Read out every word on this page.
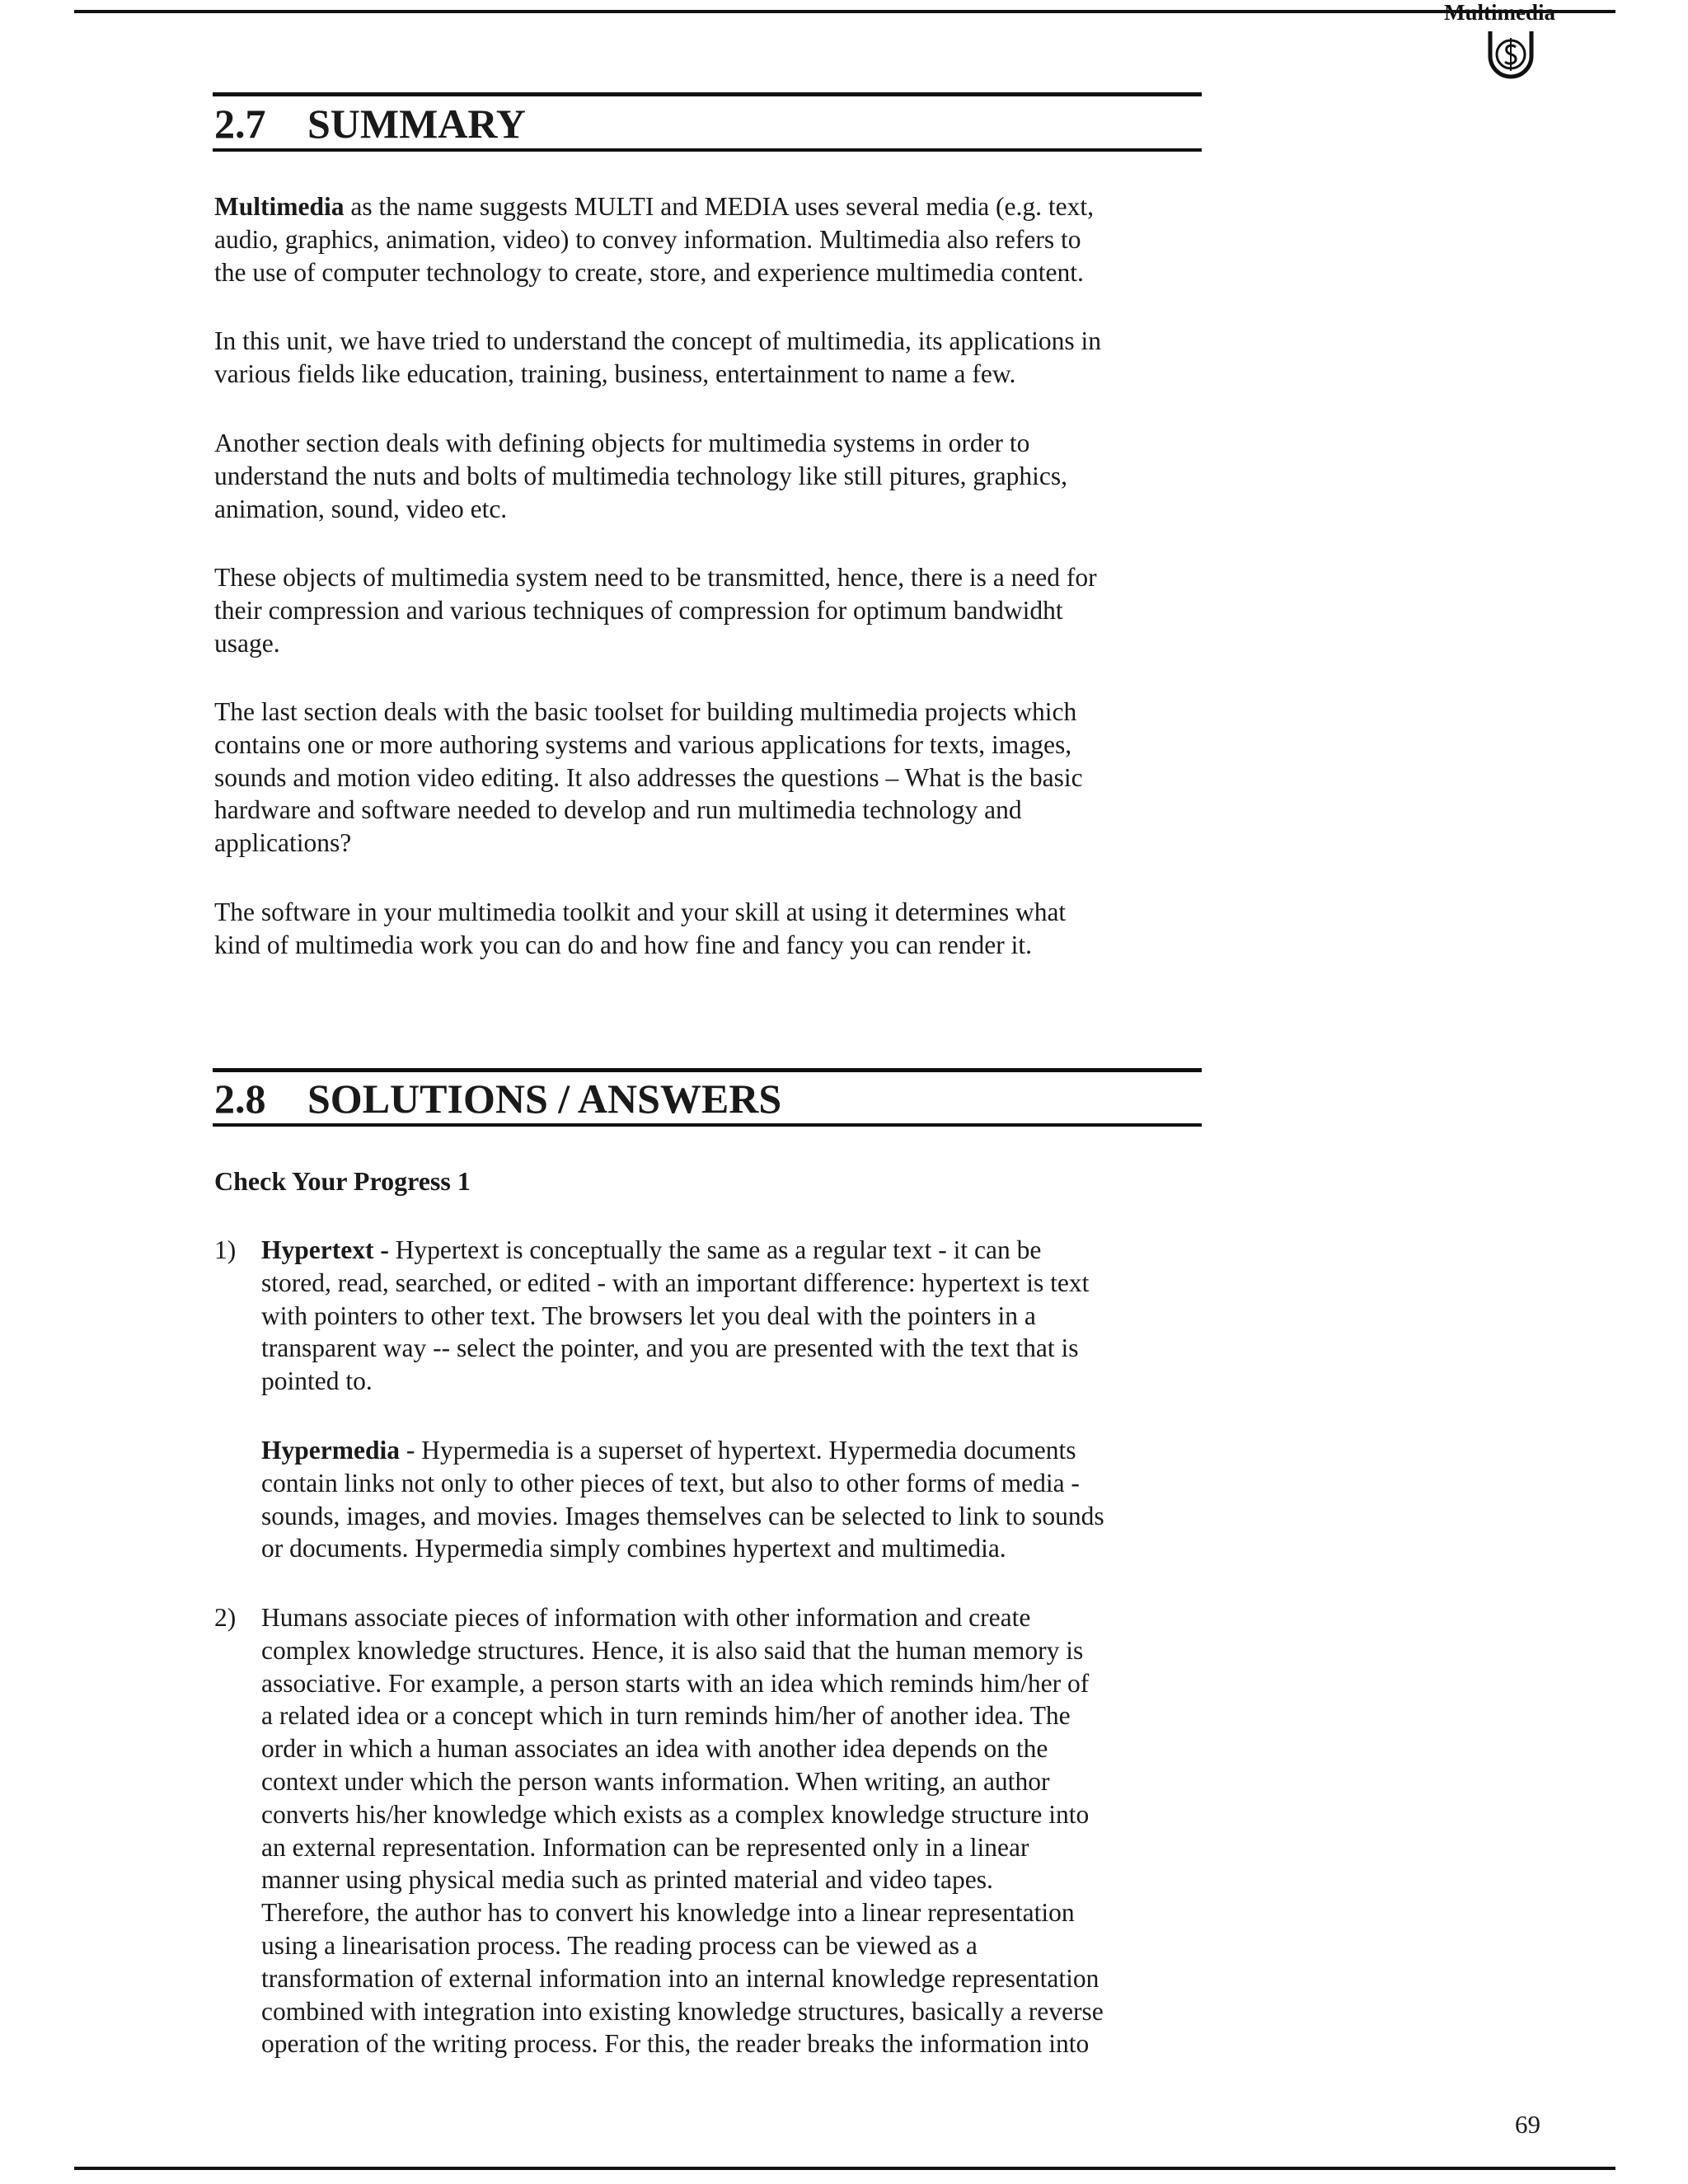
Multimedia
2.7 SUMMARY

Multimedia as the name suggests MULTI and MEDIA uses several media (e.g. text,
audio, graphics, animation, video) to convey information. Multimedia also refers to
the use of computer technology to create, store, and experience multimedia content.

In this unit, we have tried to understand the concept of multimedia, its applications in
various fields like education, training, business, entertainment to name a few.

Another section deals with defining objects for multimedia systems in order to
understand the nuts and bolts of multimedia technology like still pitures, graphics,
animation, sound, video etc.

These objects of multimedia system need to be transmitted, hence, there is a need for
their compression and various techniques of compression for optimum bandwidht
usage.

The last section deals with the basic toolset for building multimedia projects which
contains one or more authoring systems and various applications for texts, images,
sounds and motion video editing. It also addresses the questions – What is the basic
hardware and software needed to develop and run multimedia technology and
applications?

The software in your multimedia toolkit and your skill at using it determines what
kind of multimedia work you can do and how fine and fancy you can render it.

2.8 SOLUTIONS / ANSWERS
Check Your Progress 1
1) Hypertext - Hypertext is conceptually the same as a regular text - it can be
stored, read, searched, or edited - with an important difference: hypertext is text
with pointers to other text. The browsers let you deal with the pointers in a
transparent way -- select the pointer, and you are presented with the text that is
pointed to.

Hypermedia - Hypermedia is a superset of hypertext. Hypermedia documents
contain links not only to other pieces of text, but also to other forms of media -
sounds, images, and movies. Images themselves can be selected to link to sounds
or documents. Hypermedia simply combines hypertext and multimedia.

2) Humans associate pieces of information with other information and create
complex knowledge structures. Hence, it is also said that the human memory is
associative. For example, a person starts with an idea which reminds him/her of
a related idea or a concept which in turn reminds him/her of another idea. The
order in which a human associates an idea with another idea depends on the
context under which the person wants information. When writing, an author
converts his/her knowledge which exists as a complex knowledge structure into
an external representation. Information can be represented only in a linear
manner using physical media such as printed material and video tapes.
Therefore, the author has to convert his knowledge into a linear representation
using a linearisation process. The reading process can be viewed as a
transformation of external information into an internal knowledge representation
combined with integration into existing knowledge structures, basically a reverse
operation of the writing process. For this, the reader breaks the information into

69
